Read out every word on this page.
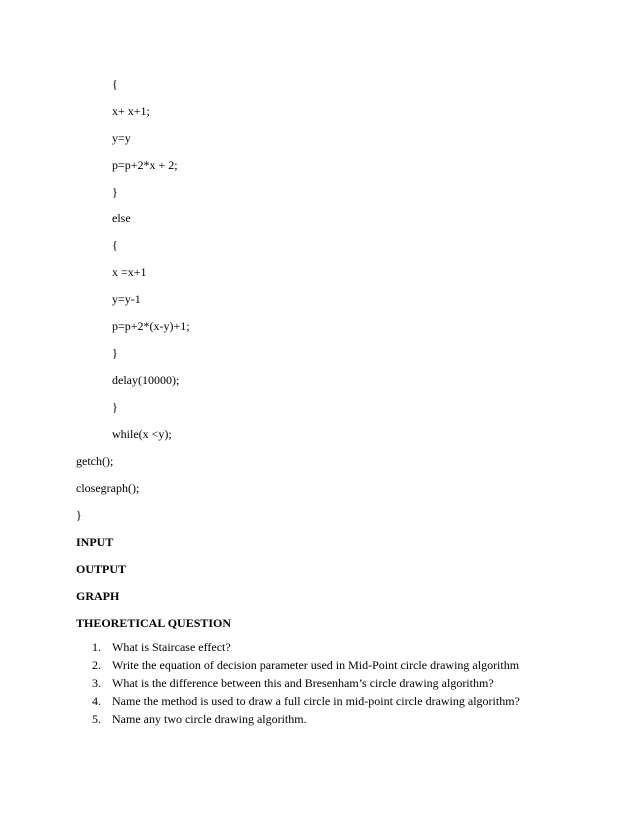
{
x+ x+1;
y=y
p=p+2*x + 2;
}
else
{
x =x+1
y=y-1
p=p+2*(x-y)+1;
}
delay(10000);
}
while(x <y);
getch();
closegraph();
}
INPUT
OUTPUT
GRAPH
THEORETICAL QUESTION
1. What is Staircase effect?
2. Write the equation of decision parameter used in Mid-Point circle drawing algorithm
3. What is the difference between this and Bresenham’s circle drawing algorithm?
4. Name the method is used to draw a full circle in mid-point circle drawing algorithm?
5. Name any two circle drawing algorithm.
